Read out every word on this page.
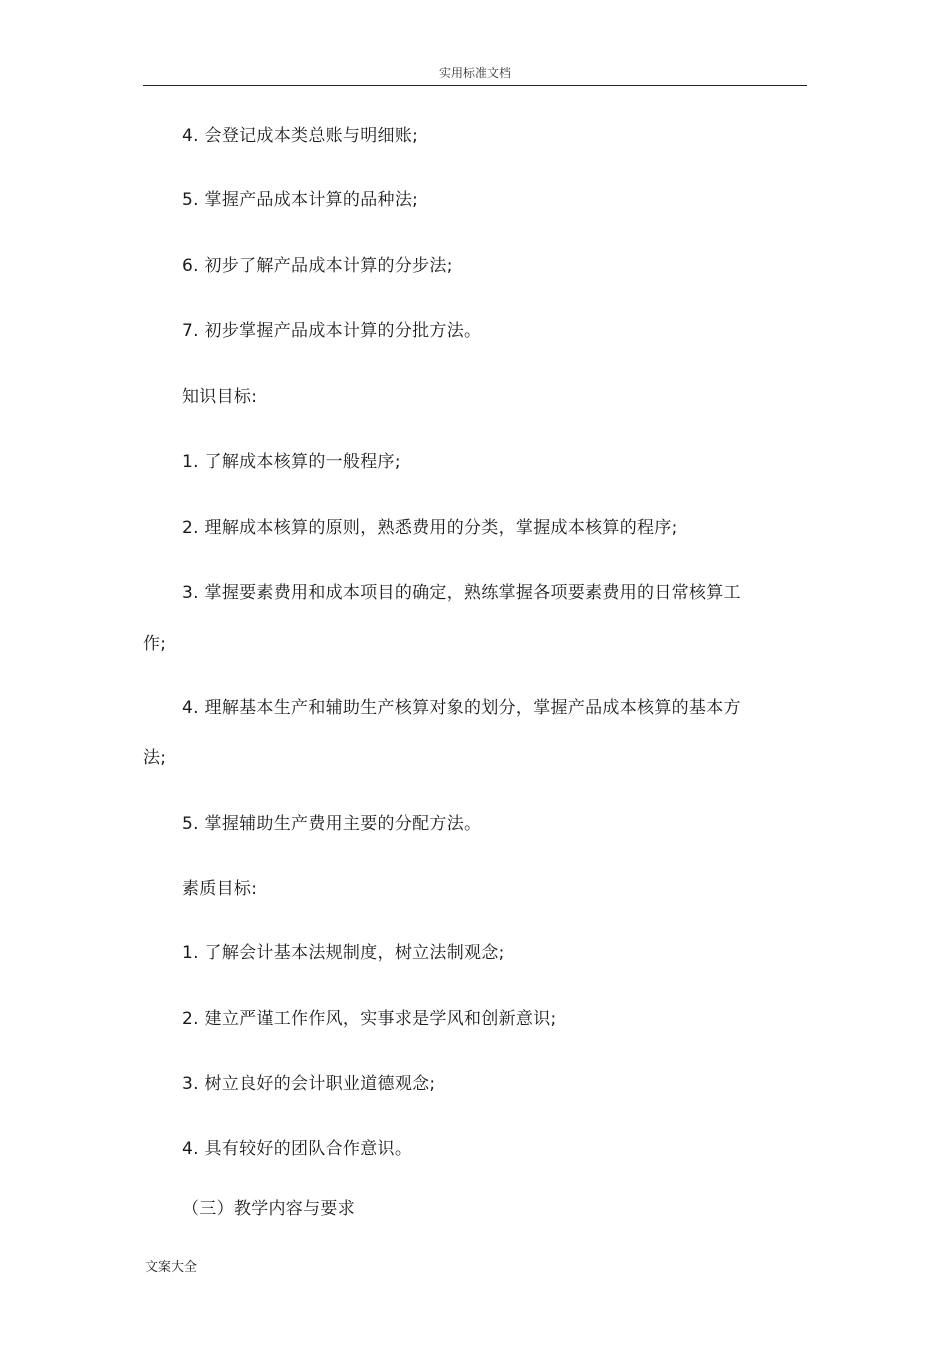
实用标准文档
4. 会登记成本类总账与明细账;
5. 掌握产品成本计算的品种法;
6. 初步了解产品成本计算的分步法;
7. 初步掌握产品成本计算的分批方法。
知识目标:
1. 了解成本核算的一般程序;
2. 理解成本核算的原则，熟悉费用的分类，掌握成本核算的程序;
3. 掌握要素费用和成本项目的确定，熟练掌握各项要素费用的日常核算工
作;
4. 理解基本生产和辅助生产核算对象的划分，掌握产品成本核算的基本方
法;
5. 掌握辅助生产费用主要的分配方法。
素质目标:
1. 了解会计基本法规制度，树立法制观念;
2. 建立严谨工作作风，实事求是学风和创新意识;
3. 树立良好的会计职业道德观念;
4. 具有较好的团队合作意识。
（三）教学内容与要求
文案大全
